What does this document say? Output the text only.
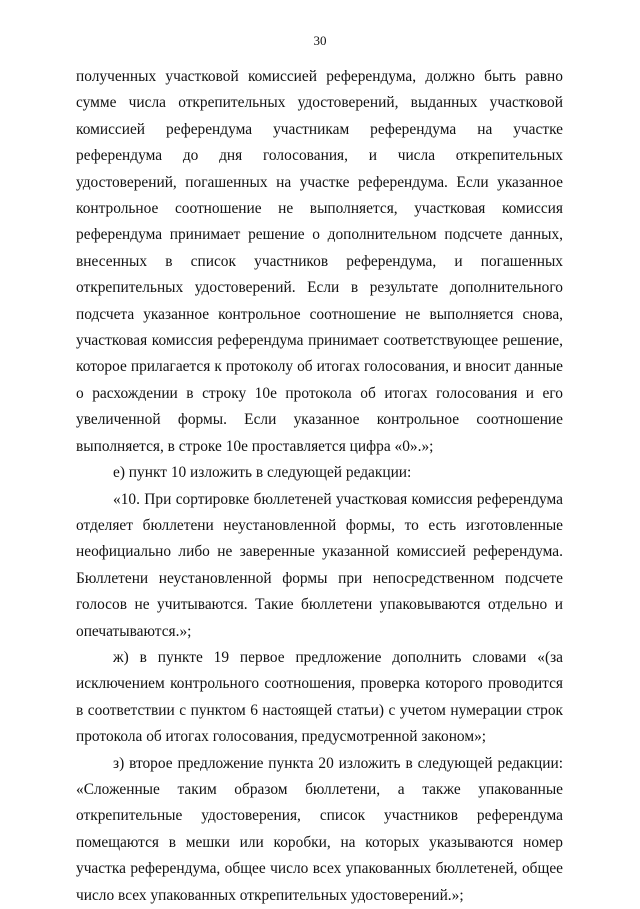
30

полученных участковой комиссией референдума, должно быть равно сумме числа открепительных удостоверений, выданных участковой комиссией референдума участникам референдума на участке референдума до дня голосования, и числа открепительных удостоверений, погашенных на участке референдума. Если указанное контрольное соотношение не выполняется, участковая комиссия референдума принимает решение о дополнительном подсчете данных, внесенных в список участников референдума, и погашенных открепительных удостоверений. Если в результате дополнительного подсчета указанное контрольное соотношение не выполняется снова, участковая комиссия референдума принимает соответствующее решение, которое прилагается к протоколу об итогах голосования, и вносит данные о расхождении в строку 10е протокола об итогах голосования и его увеличенной формы. Если указанное контрольное соотношение выполняется, в строке 10е проставляется цифра «0».»;

е) пункт 10 изложить в следующей редакции:

«10. При сортировке бюллетеней участковая комиссия референдума отделяет бюллетени неустановленной формы, то есть изготовленные неофициально либо не заверенные указанной комиссией референдума. Бюллетени неустановленной формы при непосредственном подсчете голосов не учитываются. Такие бюллетени упаковываются отдельно и опечатываются.»;

ж) в пункте 19 первое предложение дополнить словами «(за исключением контрольного соотношения, проверка которого проводится в соответствии с пунктом 6 настоящей статьи) с учетом нумерации строк протокола об итогах голосования, предусмотренной законом»;

з) второе предложение пункта 20 изложить в следующей редакции: «Сложенные таким образом бюллетени, а также упакованные открепительные удостоверения, список участников референдума помещаются в мешки или коробки, на которых указываются номер участка референдума, общее число всех упакованных бюллетеней, общее число всех упакованных открепительных удостоверений.»;
